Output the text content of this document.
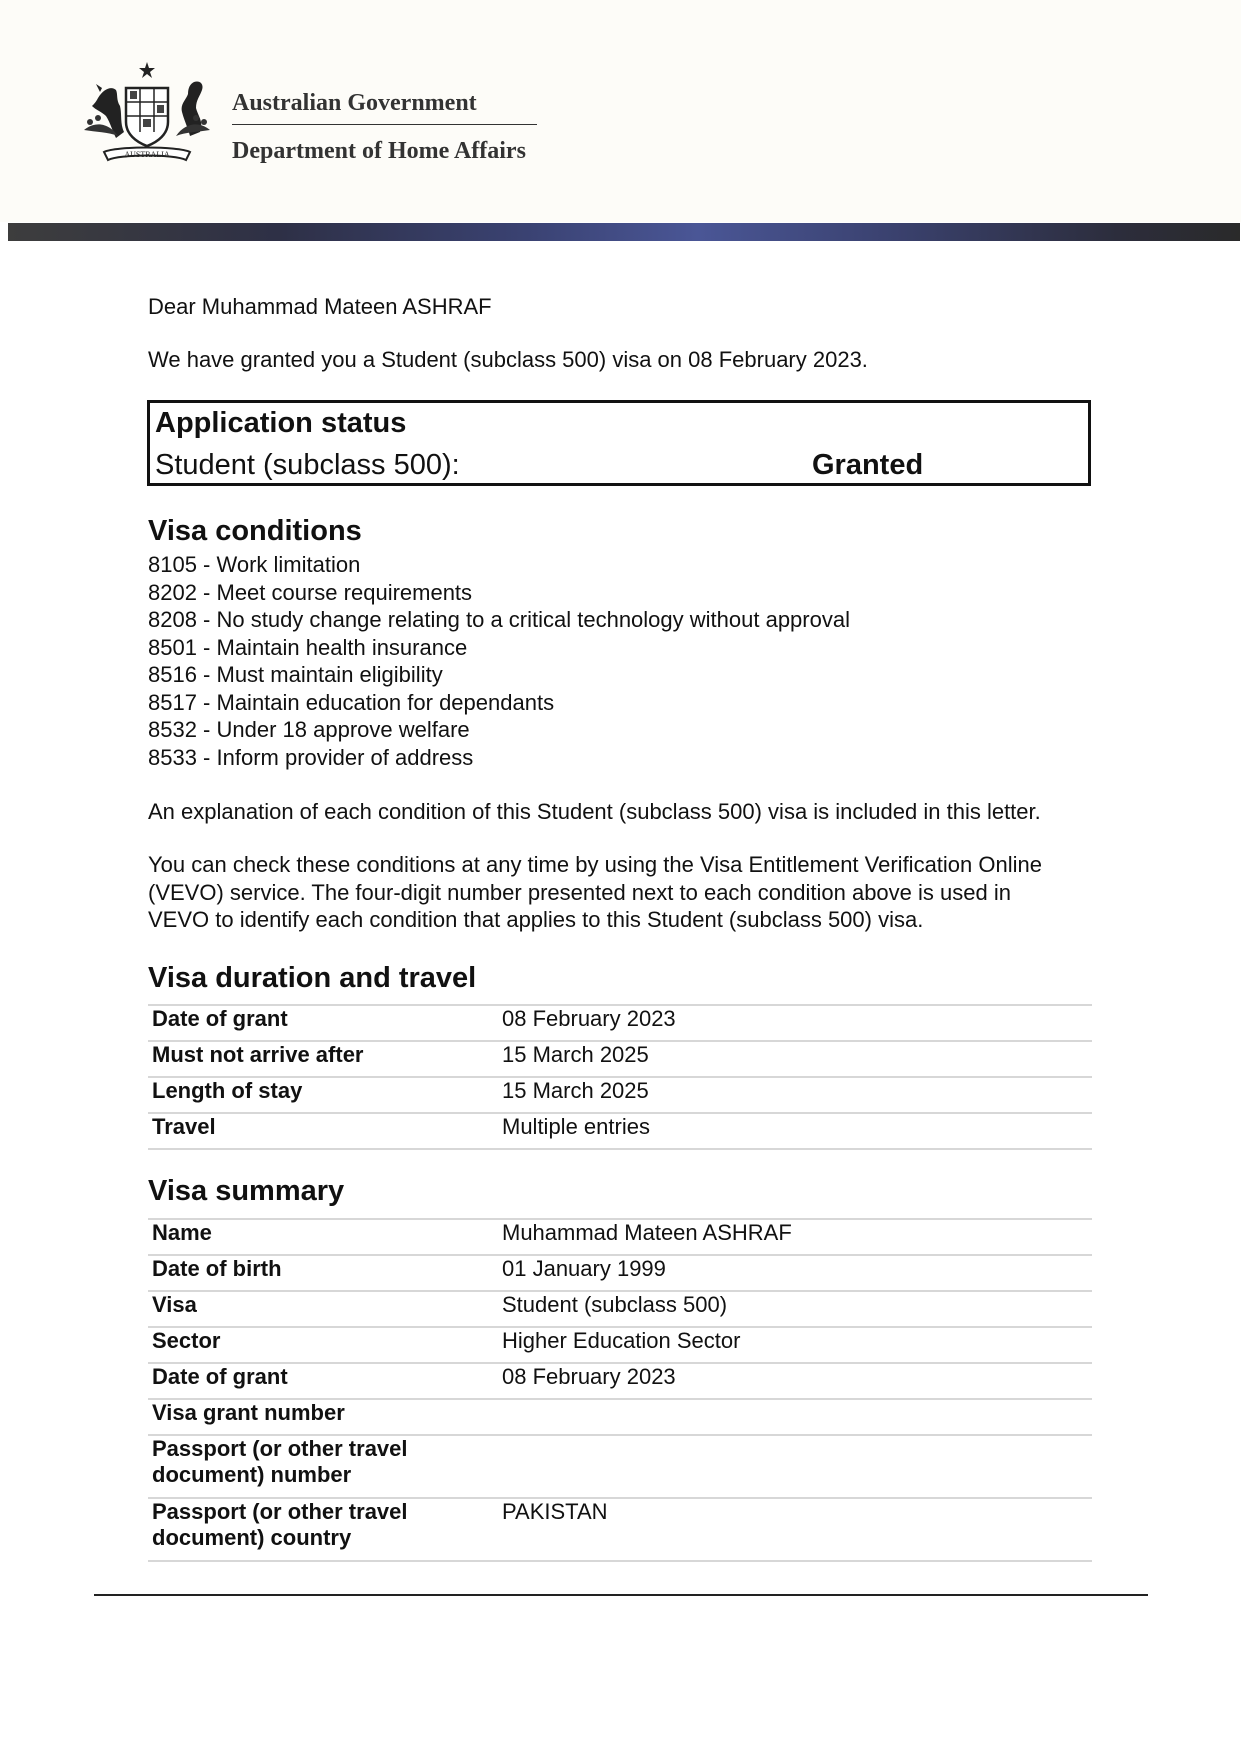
AUSTRALIA
Australian Government
Department of Home Affairs
Dear Muhammad Mateen ASHRAF
We have granted you a Student (subclass 500) visa on 08 February 2023.
Application status
Student (subclass 500):	Granted
Visa conditions
8105 - Work limitation
8202 - Meet course requirements
8208 - No study change relating to a critical technology without approval
8501 - Maintain health insurance
8516 - Must maintain eligibility
8517 - Maintain education for dependants
8532 - Under 18 approve welfare
8533 - Inform provider of address
An explanation of each condition of this Student (subclass 500) visa is included in this letter.
You can check these conditions at any time by using the Visa Entitlement Verification Online
(VEVO) service. The four-digit number presented next to each condition above is used in
VEVO to identify each condition that applies to this Student (subclass 500) visa.
Visa duration and travel
Date of grant	08 February 2023
Must not arrive after	15 March 2025
Length of stay	15 March 2025
Travel	Multiple entries
Visa summary
Name	Muhammad Mateen ASHRAF
Date of birth	01 January 1999
Visa	Student (subclass 500)
Sector	Higher Education Sector
Date of grant	08 February 2023
Visa grant number	

Passport (or other travel
document) number	

Passport (or other travel
document) country	PAKISTAN
